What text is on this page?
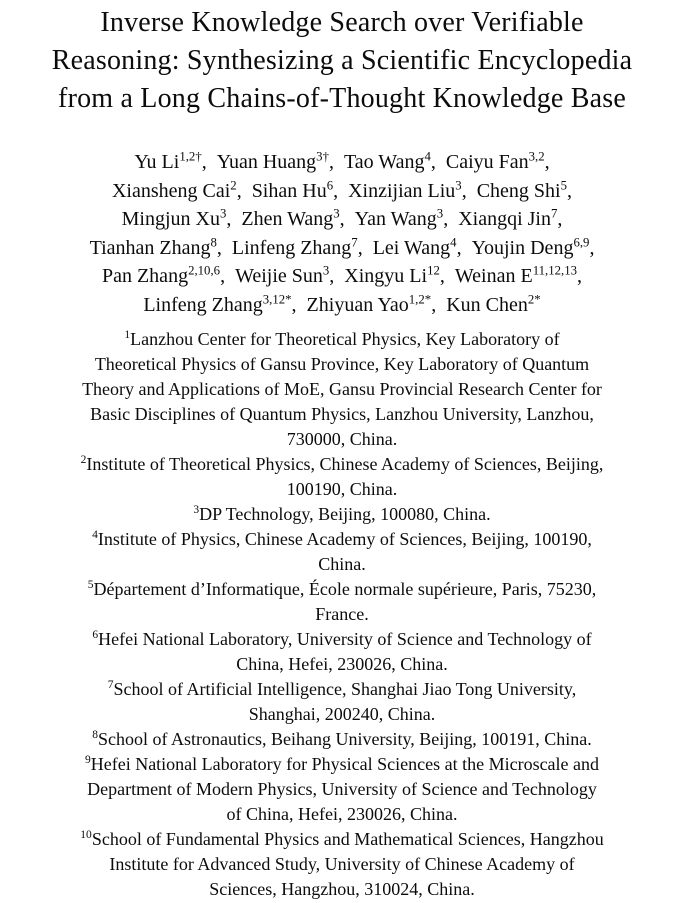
Inverse Knowledge Search over Verifiable
Reasoning: Synthesizing a Scientific Encyclopedia
from a Long Chains-of-Thought Knowledge Base
Yu $Li^{1,2\dagger}$,  Yuan Huang$^{3\dagger}$,  Tao Wang$^4$,  Caiyu Fan$^{3,2}$,
Xiansheng Cai$^2$,  Sihan Hu$^6$,  Xinzijian Liu$^3$,  Cheng Shi$^5$,
Mingjun Xu$^3$,  Zhen Wang$^3$,  Yan Wang$^3$,  Xiangqi Jin$^7$,
Tianhan Zhang$^8$,  Linfeng Zhang$^7$,  Lei Wang$^4$,  Youjin Deng$^{6,9}$,
Pan Zhang$^{2,10,6}$,  Weijie Sun$^3$,  Xingyu Li$^{12}$,  Weinan E$^{11,12,13}$,
Linfeng Zhang$^{3,12*}$,  Zhiyuan Yao$^{1,2*}$,  Kun Chen$^{2*}$

$^1$Lanzhou Center for Theoretical Physics, Key Laboratory of
Theoretical Physics of Gansu Province, Key Laboratory of Quantum
Theory and Applications of MoE, Gansu Provincial Research Center for
Basic Disciplines of Quantum Physics, Lanzhou University, Lanzhou,
730000, China.

$^2$Institute of Theoretical Physics, Chinese Academy of Sciences, Beijing,
100190, China.

$^3$DP Technology, Beijing, 100080, China.

$^4$Institute of Physics, Chinese Academy of Sciences, Beijing, 100190,
China.

$^5$Département d’Informatique, École normale supérieure, Paris, 75230,
France.

$^6$Hefei National Laboratory, University of Science and Technology of
China, Hefei, 230026, China.

$^7$School of Artificial Intelligence, Shanghai Jiao Tong University,
Shanghai, 200240, China.

$^8$School of Astronautics, Beihang University, Beijing, 100191, China.

$^9$Hefei National Laboratory for Physical Sciences at the Microscale and
Department of Modern Physics, University of Science and Technology
of China, Hefei, 230026, China.

$^{10}$School of Fundamental Physics and Mathematical Sciences, Hangzhou
Institute for Advanced Study, University of Chinese Academy of
Sciences, Hangzhou, 310024, China.
